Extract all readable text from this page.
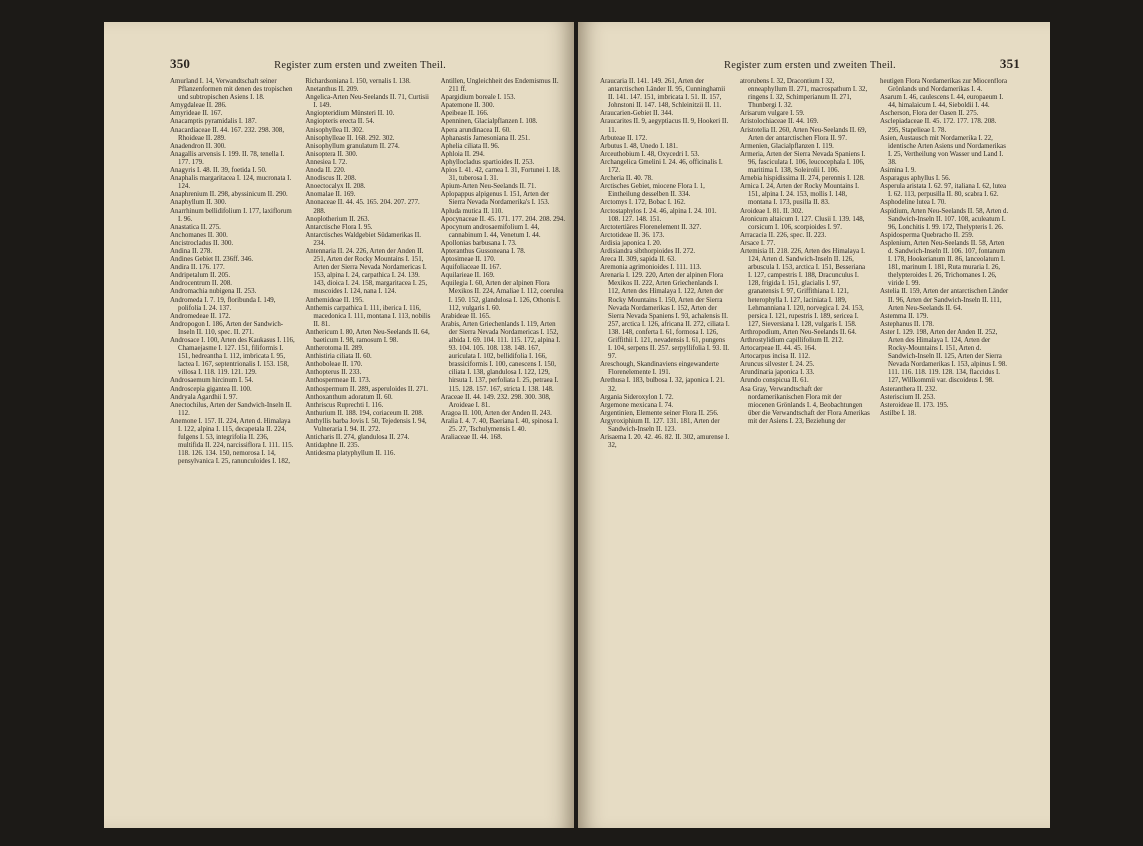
350	Register zum ersten und zweiten Theil.

Amurland I. 14, Verwandtschaft seiner Pflanzenformen mit denen des tropischen und subtropischen Asiens I. 18.

Amygdaleae II. 286.

Amyrideae II. 167.

Anacamptis pyramidalis I. 187.

Anacardiaceae II. 44. 167. 232. 298. 308, Rhoideae II. 289.

Anadendron II. 300.

Anagallis arvensis I. 199. II. 78, tenella I. 177. 179.

Anagyris I. 48. II. 39, foetida I. 50.

Anaphalis margaritacea I. 124, mucronata I. 124.

Anaphrenium II. 298, abyssinicum II. 290.

Anaphyllum II. 300.

Anarrhinum bellidifolium I. 177, laxiflorum I. 96.

Anastatica II. 275.

Anchomanes II. 300.

Ancistrocladus II. 300.

Andina II. 278.

Andines Gebiet II. 236ff. 346.

Andira II. 176. 177.

Andripetalum II. 205.

Androcentrum II. 208.

Andromachia nubigena II. 253.

Andromeda I. 7. 19, floribunda I. 149, polifolia I. 24. 137.

Andromedeae II. 172.

Andropogon I. 186, Arten der Sandwich-Inseln II. 110, spec. II. 271.

Androsace I. 100, Arten des Kaukasus I. 116, Chamaejasme I. 127. 151, filiformis I. 151, hedreantha I. 112, imbricata I. 95, lactea I. 167, septentrionalis I. 153. 158, villosa I. 118. 119. 121. 129.

Androsaemum hircinum I. 54.

Androscepia gigantea II. 100.

Andryala Agardhii I. 97.

Anectochilus, Arten der Sandwich-Inseln II. 112.

Anemone I. 157. II. 224, Arten d. Himalaya I. 122, alpina I. 115, decapetala II. 224, fulgens I. 53, integrifolia II. 236, multifida II. 224, narcissiflora I. 111. 115. 118. 126. 134. 150, nemorosa I. 14, pensylvanica I. 25, ranunculoides I. 182,

Richardsoniana I. 150, vernalis I. 138.

Anetanthus II. 209.

Angelica-Arten Neu-Seelands II. 71, Curtisii I. 149.

Angiopteridium Münsteri II. 10.

Angiopteris erecta II. 54.

Anisophyllea II. 302.

Anisophylleae II. 168. 292. 302.

Anisophyllum granulatum II. 274.

Anisoptera II. 300.

Annesiea I. 72.

Anoda II. 220.

Anodiscus II. 208.

Anoectocalyx II. 208.

Anomalae II. 169.

Anonaceae II. 44. 45. 165. 204. 207. 277. 288.

Anoplotherium II. 263.

Antarctische Flora I. 95.

Antarctisches Waldgebiet Südamerikas II. 234.

Antennaria II. 24. 226, Arten der Anden II. 251, Arten der Rocky Mountains I. 151, Arten der Sierra Nevada Nordamericas I. 153, alpina I. 24, carpathica I. 24. 139. 143, dioica I. 24. 158, margaritacea I. 25, muscoides I. 124, nana I. 124.

Anthemideae II. 195.

Anthemis carpathica I. 111, iberica I. 116, macedonica I. 111, montana I. 113, nobilis II. 81.

Anthericum I. 80, Arten Neu-Seelands II. 64, baeticum I. 98, ramosum I. 98.

Antherotoma II. 289.

Anthistiria ciliata II. 60.

Anthoboleae II. 170.

Anthopterus II. 233.

Anthospermeae II. 173.

Anthospermum II. 289, asperuloides II. 271.

Anthoxanthum adoratum II. 60.

Anthriscus Ruprechti I. 116.

Anthurium II. 188. 194, coriaceum II. 208.

Anthyllis barba Jovis I. 50, Tejedensis I. 94, Vulneraria I. 94. II. 272.

Anticharis II. 274, glandulosa II. 274.

Antidaphne II. 235.

Antidesma platyphyllum II. 116.

Antillen, Ungleichheit des Endemismus II. 211 ff.

Apargidium boreale I. 153.

Apatemone II. 300.

Apeibeae II. 166.

Apenninen, Glacialpflanzen I. 108.

Apera arundinacea II. 60.

Aphanastis Jamesoniana II. 251.

Aphelia ciliata II. 96.

Aphloia II. 294.

Aphyllocladus spartioides II. 253.

Apios I. 41. 42, carnea I. 31, Fortunei I. 18. 31, tuberosa I. 31.

Apium-Arten Neu-Seelands II. 71.

Aplopappus alpigenus I. 151, Arten der Sierra Nevada Nordamerika's I. 153.

Apluda mutica II. 110.

Apocynaceae II. 45. 171. 177. 204. 208. 294.

Apocynum androsaemifolium I. 44, cannabinum I. 44, Venetum I. 44.

Apollonias barbusana I. 73.

Apteranthus Gussoneana I. 78.

Aptosimeae II. 170.

Aquifoliaceae II. 167.

Aquilarieae II. 169.

Aquilegia I. 60, Arten der alpinen Flora Mexikos II. 224, Amaliae I. 112, coerulea I. 150. 152, glandulosa I. 126, Othonis I. 112, vulgaris I. 60.

Arabideae II. 165.

Arabis, Arten Griechenlands I. 119, Arten der Sierra Nevada Nordamericas I. 152, albida I. 69. 104. 111. 115. 172, alpina I. 93. 104. 105. 108. 138. 148. 167, auriculata I. 102, bellidifolia I. 166, brassiciformis I. 100, canescens I. 150, ciliata I. 138, glandulosa I. 122, 129, hirsuta I. 137, perfoliata I. 25, petraea I. 115. 128. 157. 167, stricta I. 138. 148.

Araceae II. 44. 149. 232. 298. 300. 308, Aroideae I. 81.

Aragoa II. 100, Arten der Anden II. 243.

Aralia I. 4. 7. 40, Baeriana I. 40, spinosa I. 25. 27, Tschulymensis I. 40.

Araliaceae II. 44. 168.

Register zum ersten und zweiten Theil.	351

Araucaria II. 141. 149. 261, Arten der antarctischen Länder II. 95, Cunninghamii II. 141. 147. 151, imbricata I. 51. II. 157, Johnstoni II. 147. 148, Schleinitzii II. 11.

Araucarien-Gebiet II. 344.

Araucarites II. 9, aegyptiacus II. 9, Hookeri II. 11.

Arbuteae II. 172.

Arbutus I. 48, Unedo I. 181.

Arceuthobium I. 48, Oxycedri I. 53.

Archangelica Gmelini I. 24. 46, officinalis I. 172.

Archeria II. 40. 78.

Arctisches Gebiet, miocene Flora I. 1, Eintheilung desselben II. 334.

Arctomys I. 172, Bobac I. 162.

Arctostaphylos I. 24. 46, alpina I. 24. 101. 108. 127. 148. 151.

Arctotertiäres Florenelement II. 327.

Arctotideae II. 36. 173.

Ardisia japonica I. 20.

Ardisiandra sibthorpioides II. 272.

Areca II. 309, sapida II. 63.

Aremonia agrimonioides I. 111. 113.

Arenaria I. 129. 220, Arten der alpinen Flora Mexikos II. 222, Arten Griechenlands I. 112, Arten des Himalaya I. 122, Arten der Rocky Mountains I. 150, Arten der Sierra Nevada Nordamerikas I. 152, Arten der Sierra Nevada Spaniens I. 93, achalensis II. 257, arctica I. 126, africana II. 272, ciliata I. 138. 148, conferta I. 61, formosa I. 126, Griffithii I. 121, nevadensis I. 61, pungens I. 104, serpens II. 257. serpyllifolia I. 93. II. 97.

Areschough, Skandinaviens eingewanderte Florenelemente I. 191.

Arethusa I. 183, bulbosa I. 32, japonica I. 21. 32.

Argania Sideroxylon I. 72.

Argemone mexicana I. 74.

Argentinien, Elemente seiner Flora II. 256.

Argyroxiphium II. 127. 131. 181, Arten der Sandwich-Inseln II. 123.

Arisaema I. 20. 42. 46. 82. II. 302, amurense I. 32,

atrorubens I. 32, Dracontium I 32, enneaphyllum II. 271, macrospathum I. 32, ringens I. 32, Schimperianum II. 271, Thunbergi I. 32.

Arisarum vulgare I. 59.

Aristolochiaceae II. 44. 169.

Aristotelia II. 260, Arten Neu-Seelands II. 69, Arten der antarctischen Flora II. 97.

Armenien, Glacialpflanzen I. 119.

Armeria, Arten der Sierra Nevada Spaniens I. 96, fasciculata I. 106, leucocephala I. 106, maritima I. 138, Soleirolii I. 106.

Arnebia hispidissima II. 274, perennis I. 128.

Arnica I. 24, Arten der Rocky Mountains I. 151, alpina I. 24. 153, mollis I. 148, montana I. 173, pusilla II. 83.

Aroideae I. 81. II. 302.

Aronicum altaicum I. 127. Clusii I. 139. 148, corsicum I. 106, scorpioides I. 97.

Arracacia II. 226, spec. II. 223.

Arsace I. 77.

Artemisia II. 218. 226, Arten des Himalaya I. 124, Arten d. Sandwich-Inseln II. 126, arbuscula I. 153, arctica I. 151, Besseriana I. 127, campestris I. 188, Dracunculus I. 128, frigida I. 151, glacialis I. 97, granatensis I. 97, Griffithiana I. 121, heterophylla I. 127, laciniata I. 189, Lehmanniana I. 120, norvegica I. 24. 153, persica I. 121, rupestris I. 189, sericea I. 127, Sieversiana I. 128, vulgaris I. 158.

Arthropodium, Arten Neu-Seelands II. 64.

Arthrostylidium capillifolium II. 212.

Artocarpeae II. 44. 45. 164.

Artocarpus incisa II. 112.

Aruncus silvester I. 24. 25.

Arundinaria japonica I. 33.

Arundo conspicua II. 61.

Asa Gray, Verwandtschaft der nordamerikanischen Flora mit der miocenen Grönlands I. 4, Beobachtungen über die Verwandtschaft der Flora Amerikas mit der Asiens I. 23, Beziehung der

heutigen Flora Nordamerikas zur Miocenflora Grönlands und Nordamerikas I. 4.

Asarum I. 46, caulescens I. 44, europaeum I. 44, himalaicum I. 44, Sieboldii I. 44.

Ascherson, Flora der Oasen II. 275.

Asclepiadaceae II. 45. 172. 177. 178. 208. 295, Stapelieae I. 78.

Asien, Austausch mit Nordamerika I. 22, identische Arten Asiens und Nordamerikas I. 25, Vertheilung von Wasser und Land I. 38.

Asimina I. 9.

Asparagus aphyllus I. 56.

Asperula aristata I. 62. 97, italiana I. 62, lutea I. 62. 113, perpusilla II. 80, scabra I. 62.

Asphodeline lutea I. 70.

Aspidium, Arten Neu-Seelands II. 58, Arten d. Sandwich-Inseln II. 107. 108, aculeatum I. 96, Lonchitis I. 99. 172, Thelypteris I. 26.

Aspidosperma Quebracho II. 259.

Asplenium, Arten Neu-Seelands II. 58, Arten d. Sandwich-Inseln II. 106. 107, fontanum I. 178, Hookerianum II. 86, lanceolatum I. 181, marinum I. 181, Ruta muraria I. 26, thelypteroides I. 26, Trichomanes I. 26, viride I. 99.

Astelia II. 159, Arten der antarctischen Länder II. 96, Arten der Sandwich-Inseln II. 111, Arten Neu-Seelands II. 64.

Astemma II. 179.

Astephanus II. 178.

Aster I. 129. 198, Arten der Anden II. 252, Arten des Himalaya I. 124, Arten der Rocky-Mountains I. 151, Arten d. Sandwich-Inseln II. 125, Arten der Sierra Nevada Nordamerikas I. 153, alpinus I. 98. 111. 116. 118. 119. 128. 134, flaccidus I. 127, Willkommii var. discoideus I. 98.

Asteranthera II. 232.

Asteriscium II. 253.

Asteroideae II. 173. 195.

Astilbe I. 18.
